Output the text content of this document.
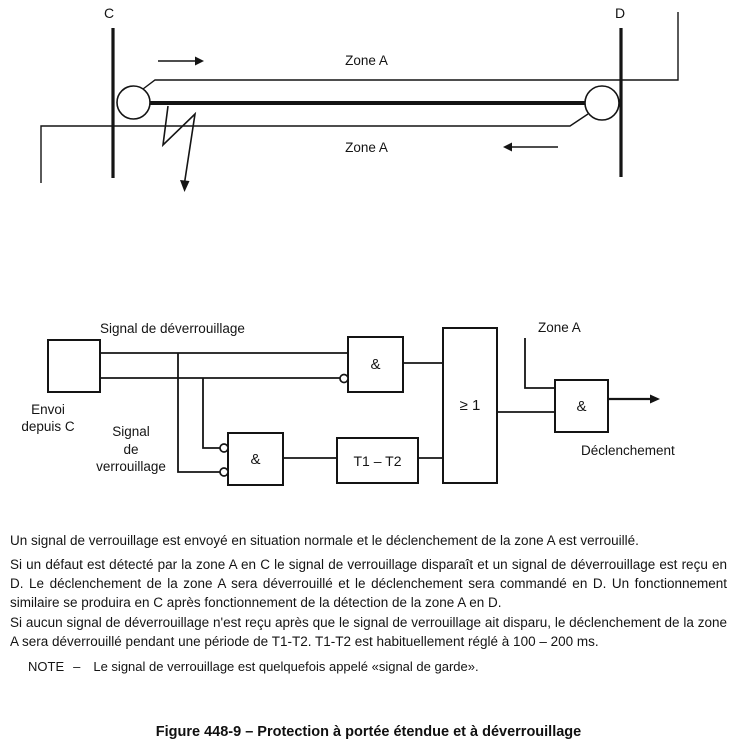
C	D
Zone A
Zone A
Signal de déverrouillage
Envoi
depuis C	Signal
de
verrouillage
&
&
&
≥ 1
T1 – T2
Zone A
Déclenchement
Un signal de verrouillage est envoyé en situation normale et le déclenchement de la zone A est verrouillé.
Si un défaut est détecté par la zone A en C le signal de verrouillage disparaît et un signal de déverrouillage est reçu en D. Le déclenchement de la zone A sera déverrouillé et le déclenchement sera commandé en D. Un fonctionnement similaire se produira en C après fonctionnement de la détection de la zone A en D.
Si aucun signal de déverrouillage n'est reçu après que le signal de verrouillage ait disparu, le déclenchement de la zone A sera déverrouillé pendant une période de T1-T2. T1-T2 est habituellement réglé à 100 – 200 ms.
NOTE – Le signal de verrouillage est quelquefois appelé «signal de garde».
Figure 448-9 – Protection à portée étendue et à déverrouillage
